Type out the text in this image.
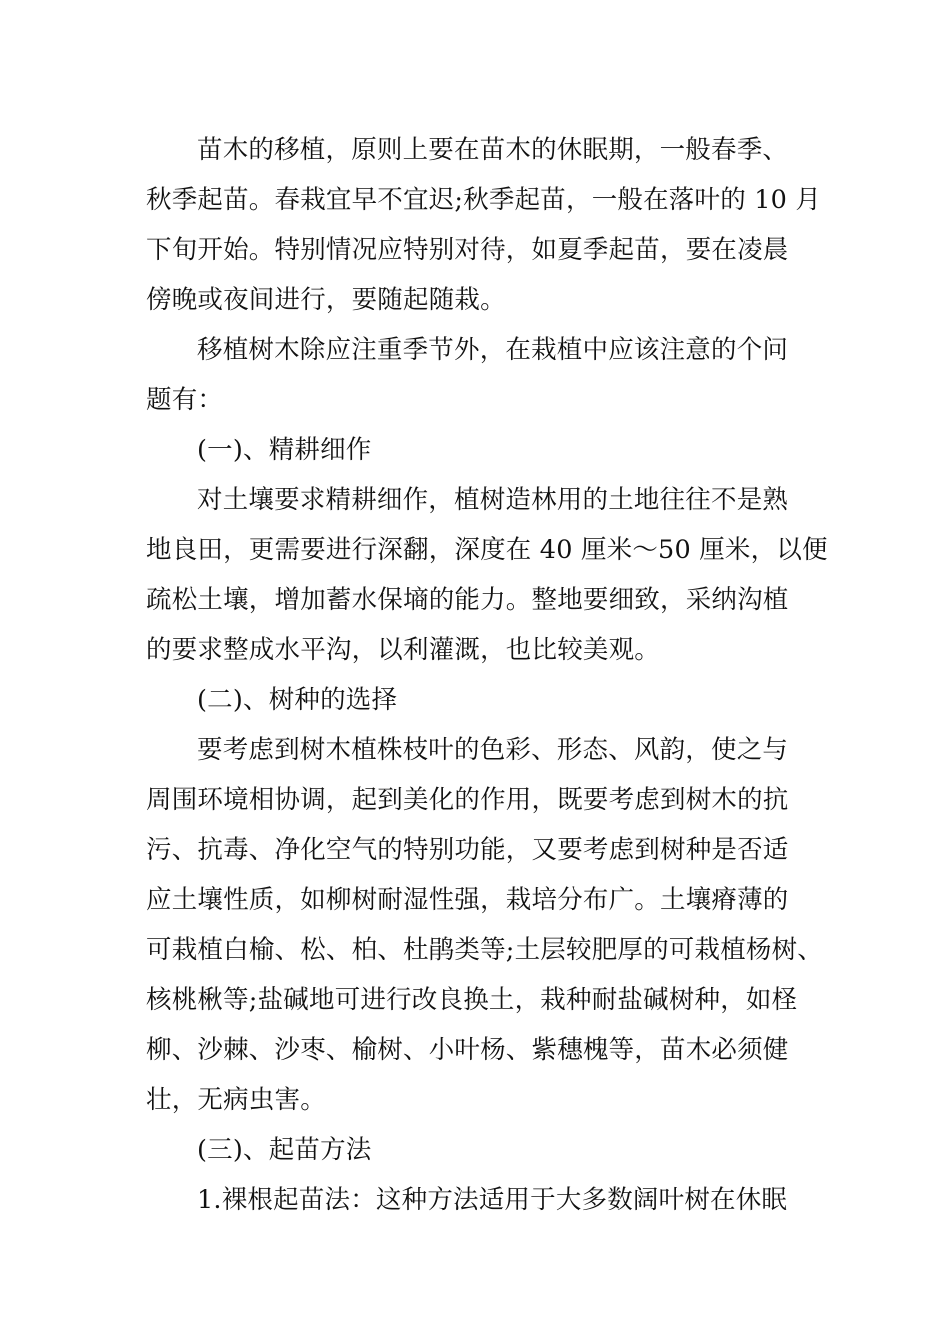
苗木的移植，原则上要在苗木的休眠期，一般春季、
秋季起苗。春栽宜早不宜迟;秋季起苗，一般在落叶的 10 月
下旬开始。特别情况应特别对待，如夏季起苗，要在凌晨
傍晚或夜间进行，要随起随栽。
移植树木除应注重季节外，在栽植中应该注意的个问
题有：
(一)、精耕细作
对土壤要求精耕细作，植树造林用的土地往往不是熟
地良田，更需要进行深翻，深度在 40 厘米～50 厘米，以便
疏松土壤，增加蓄水保墒的能力。整地要细致，采纳沟植
的要求整成水平沟，以利灌溉，也比较美观。
(二)、树种的选择
要考虑到树木植株枝叶的色彩、形态、风韵，使之与
周围环境相协调，起到美化的作用，既要考虑到树木的抗
污、抗毒、净化空气的特别功能，又要考虑到树种是否适
应土壤性质，如柳树耐湿性强，栽培分布广。土壤瘠薄的
可栽植白榆、松、柏、杜鹃类等;土层较肥厚的可栽植杨树、
核桃楸等;盐碱地可进行改良换土，栽种耐盐碱树种，如柽
柳、沙棘、沙枣、榆树、小叶杨、紫穗槐等，苗木必须健
壮，无病虫害。
(三)、起苗方法
1.裸根起苗法：这种方法适用于大多数阔叶树在休眠
